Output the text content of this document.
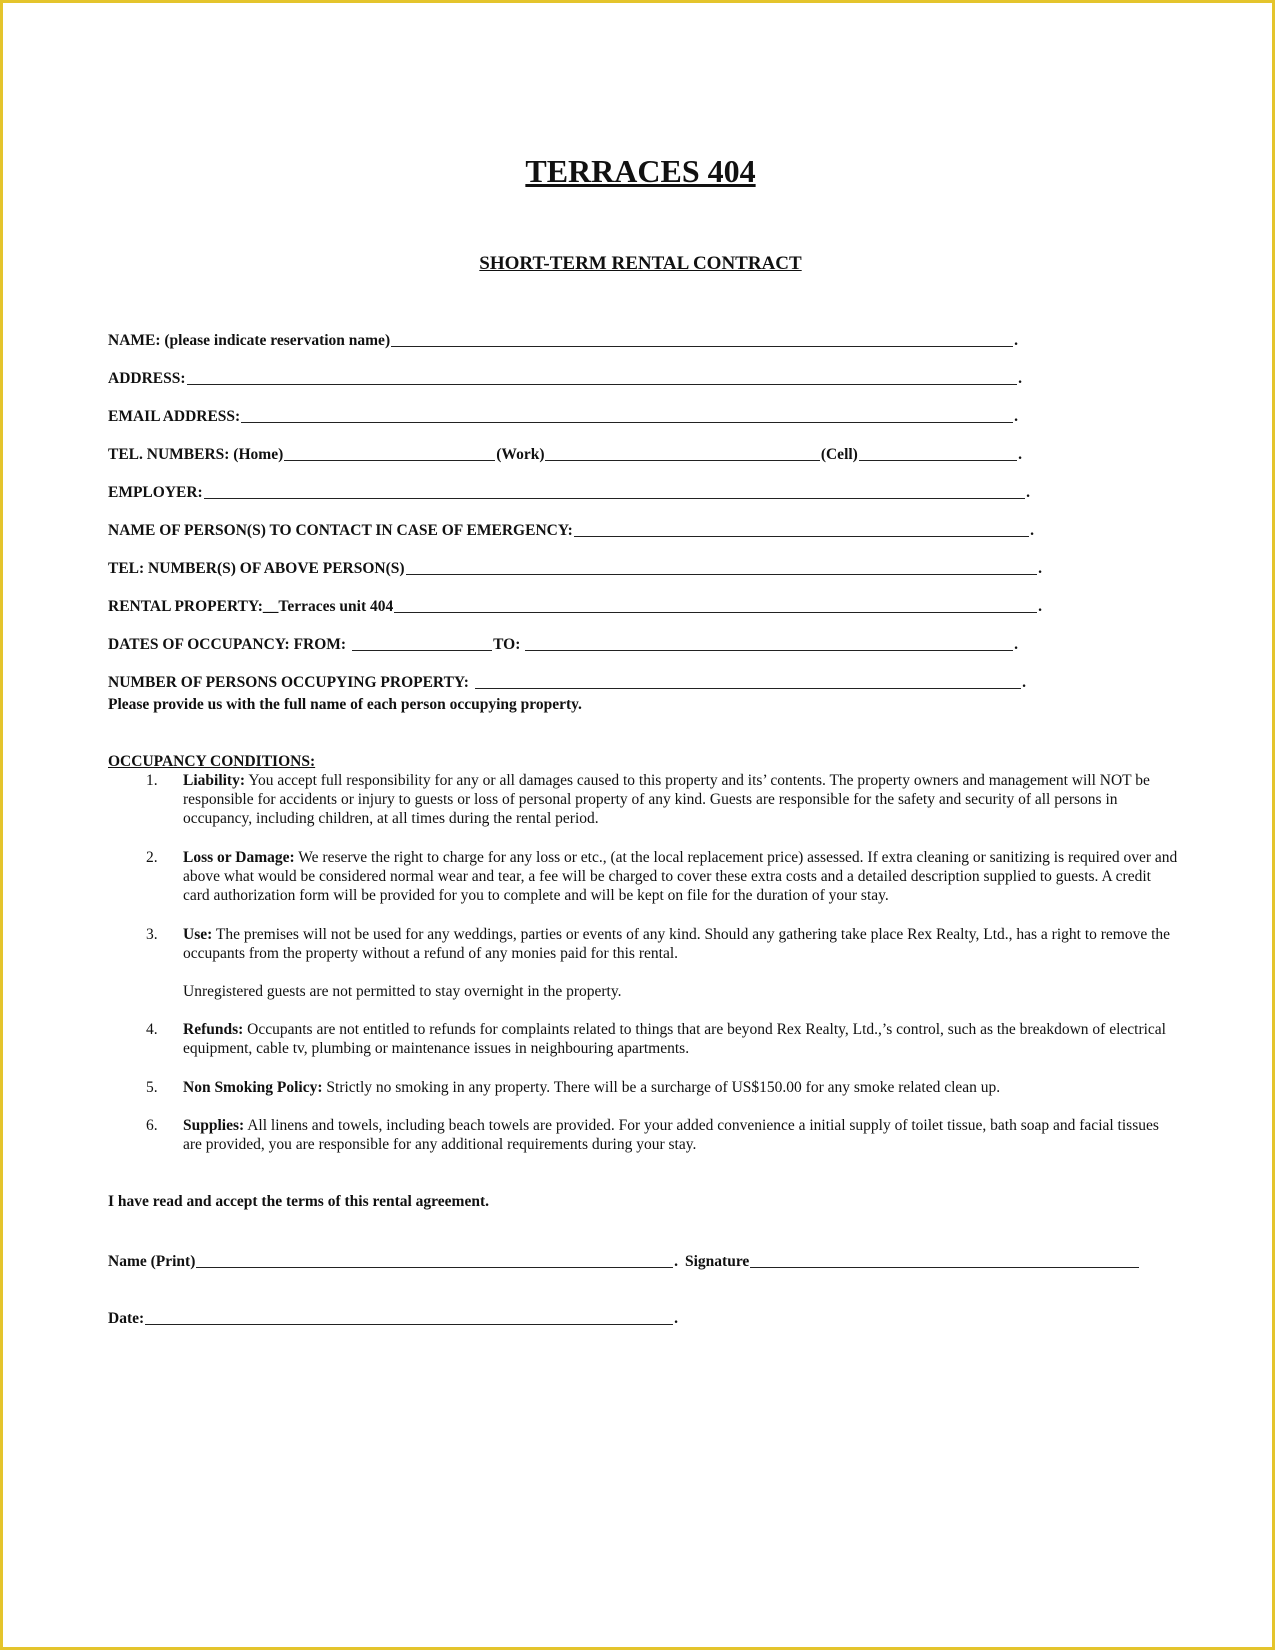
TERRACES 404
SHORT-TERM RENTAL CONTRACT
NAME: (please indicate reservation name)	.
ADDRESS:	.
EMAIL ADDRESS:	.
TEL. NUMBERS: (Home)	(Work)	(Cell)	.
EMPLOYER:	.
NAME OF PERSON(S) TO CONTACT IN CASE OF EMERGENCY:	.
TEL: NUMBER(S) OF ABOVE PERSON(S)	.
RENTAL PROPERTY: __Terraces unit 404	.
DATES OF OCCUPANCY: FROM:	TO:	.
NUMBER OF PERSONS OCCUPYING PROPERTY:	.
Please provide us with the full name of each person occupying property.
OCCUPANCY CONDITIONS:
1. Liability: You accept full responsibility for any or all damages caused to this property and its’ contents. The property owners and management will NOT be responsible for accidents or injury to guests or loss of personal property of any kind. Guests are responsible for the safety and security of all persons in occupancy, including children, at all times during the rental period.
2. Loss or Damage: We reserve the right to charge for any loss or etc., (at the local replacement price) assessed. If extra cleaning or sanitizing is required over and above what would be considered normal wear and tear, a fee will be charged to cover these extra costs and a detailed description supplied to guests. A credit card authorization form will be provided for you to complete and will be kept on file for the duration of your stay.
3. Use: The premises will not be used for any weddings, parties or events of any kind. Should any gathering take place Rex Realty, Ltd., has a right to remove the occupants from the property without a refund of any monies paid for this rental.
Unregistered guests are not permitted to stay overnight in the property.
4. Refunds: Occupants are not entitled to refunds for complaints related to things that are beyond Rex Realty, Ltd.,’s control, such as the breakdown of electrical equipment, cable tv, plumbing or maintenance issues in neighbouring apartments.
5. Non Smoking Policy: Strictly no smoking in any property. There will be a surcharge of US$150.00 for any smoke related clean up.
6. Supplies: All linens and towels, including beach towels are provided. For your added convenience a initial supply of toilet tissue, bath soap and facial tissues are provided, you are responsible for any additional requirements during your stay.
I have read and accept the terms of this rental agreement.
Name (Print)	. Signature
Date:	.
